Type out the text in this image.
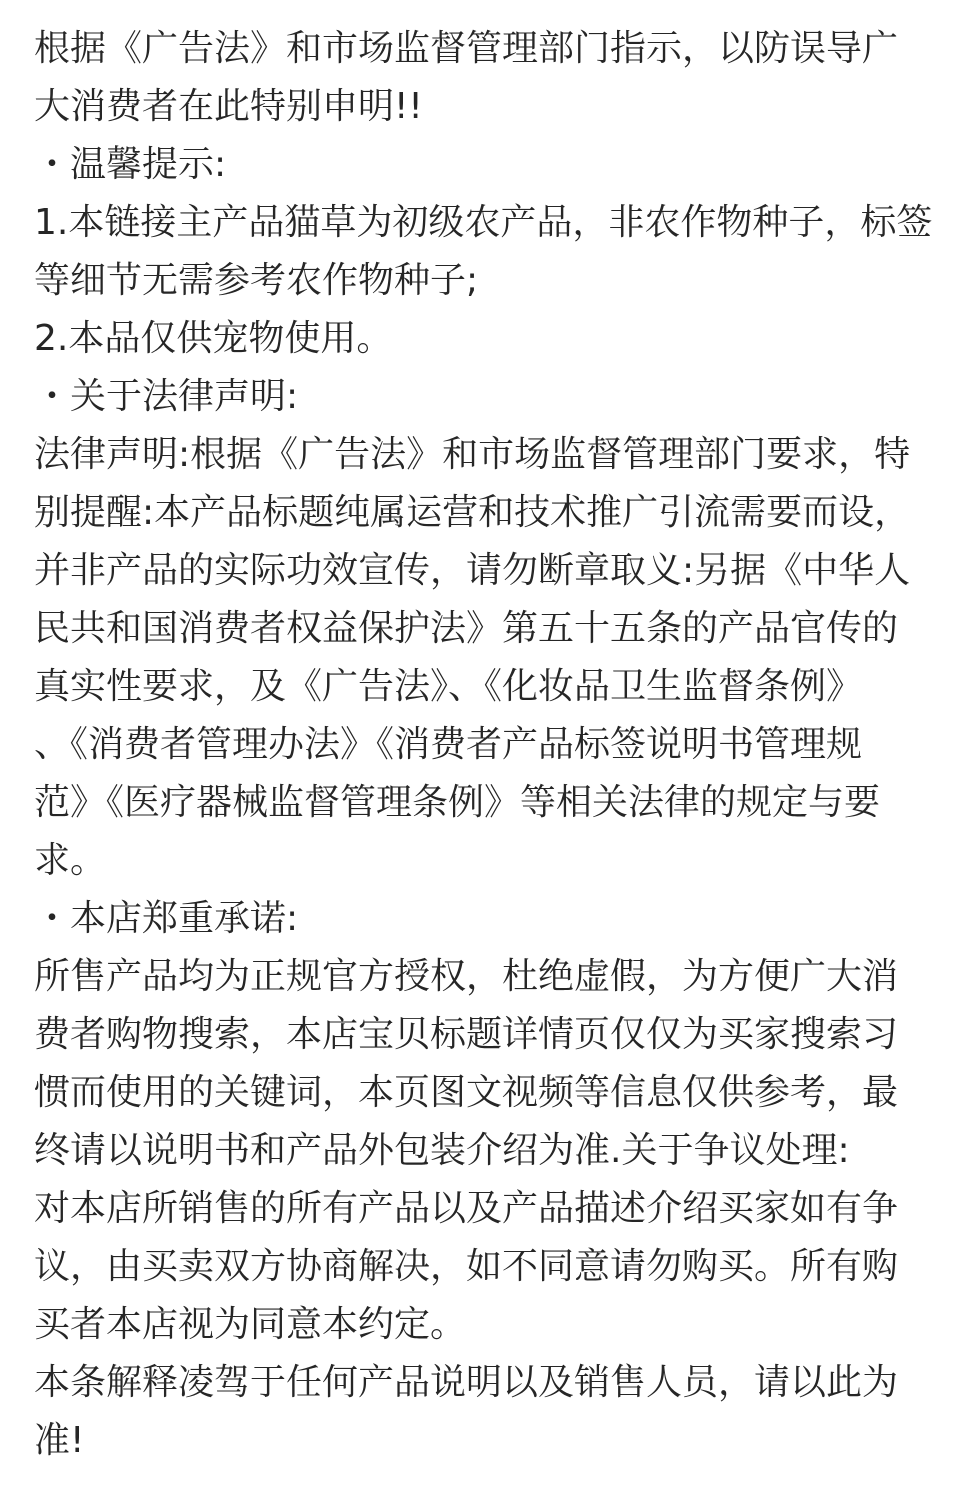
根据《广告法》和市场监督管理部门指示，以防误导广
大消费者在此特别申明!!
・温馨提示:
1.本链接主产品猫草为初级农产品，非农作物种子，标签
等细节无需参考农作物种子;
2.本品仅供宠物使用。
・关于法律声明:
法律声明:根据《广告法》和市场监督管理部门要求，特
别提醒:本产品标题纯属运营和技术推广引流需要而设，
并非产品的实际功效宣传，请勿断章取义:另据《中华人
民共和国消费者权益保护法》第五十五条的产品官传的
真实性要求，及《广告法》、《化妆品卫生监督条例》
、《消费者管理办法》《消费者产品标签说明书管理规
范》《医疗器械监督管理条例》等相关法律的规定与要
求。
・本店郑重承诺:
所售产品均为正规官方授权，杜绝虚假，为方便广大消
费者购物搜索，本店宝贝标题详情页仅仅为买家搜索习
惯而使用的关键词，本页图文视频等信息仅供参考，最
终请以说明书和产品外包装介绍为准.关于争议处理:
对本店所销售的所有产品以及产品描述介绍买家如有争
议，由买卖双方协商解决，如不同意请勿购买。所有购
买者本店视为同意本约定。
本条解释凌驾于任何产品说明以及销售人员，请以此为
准!
